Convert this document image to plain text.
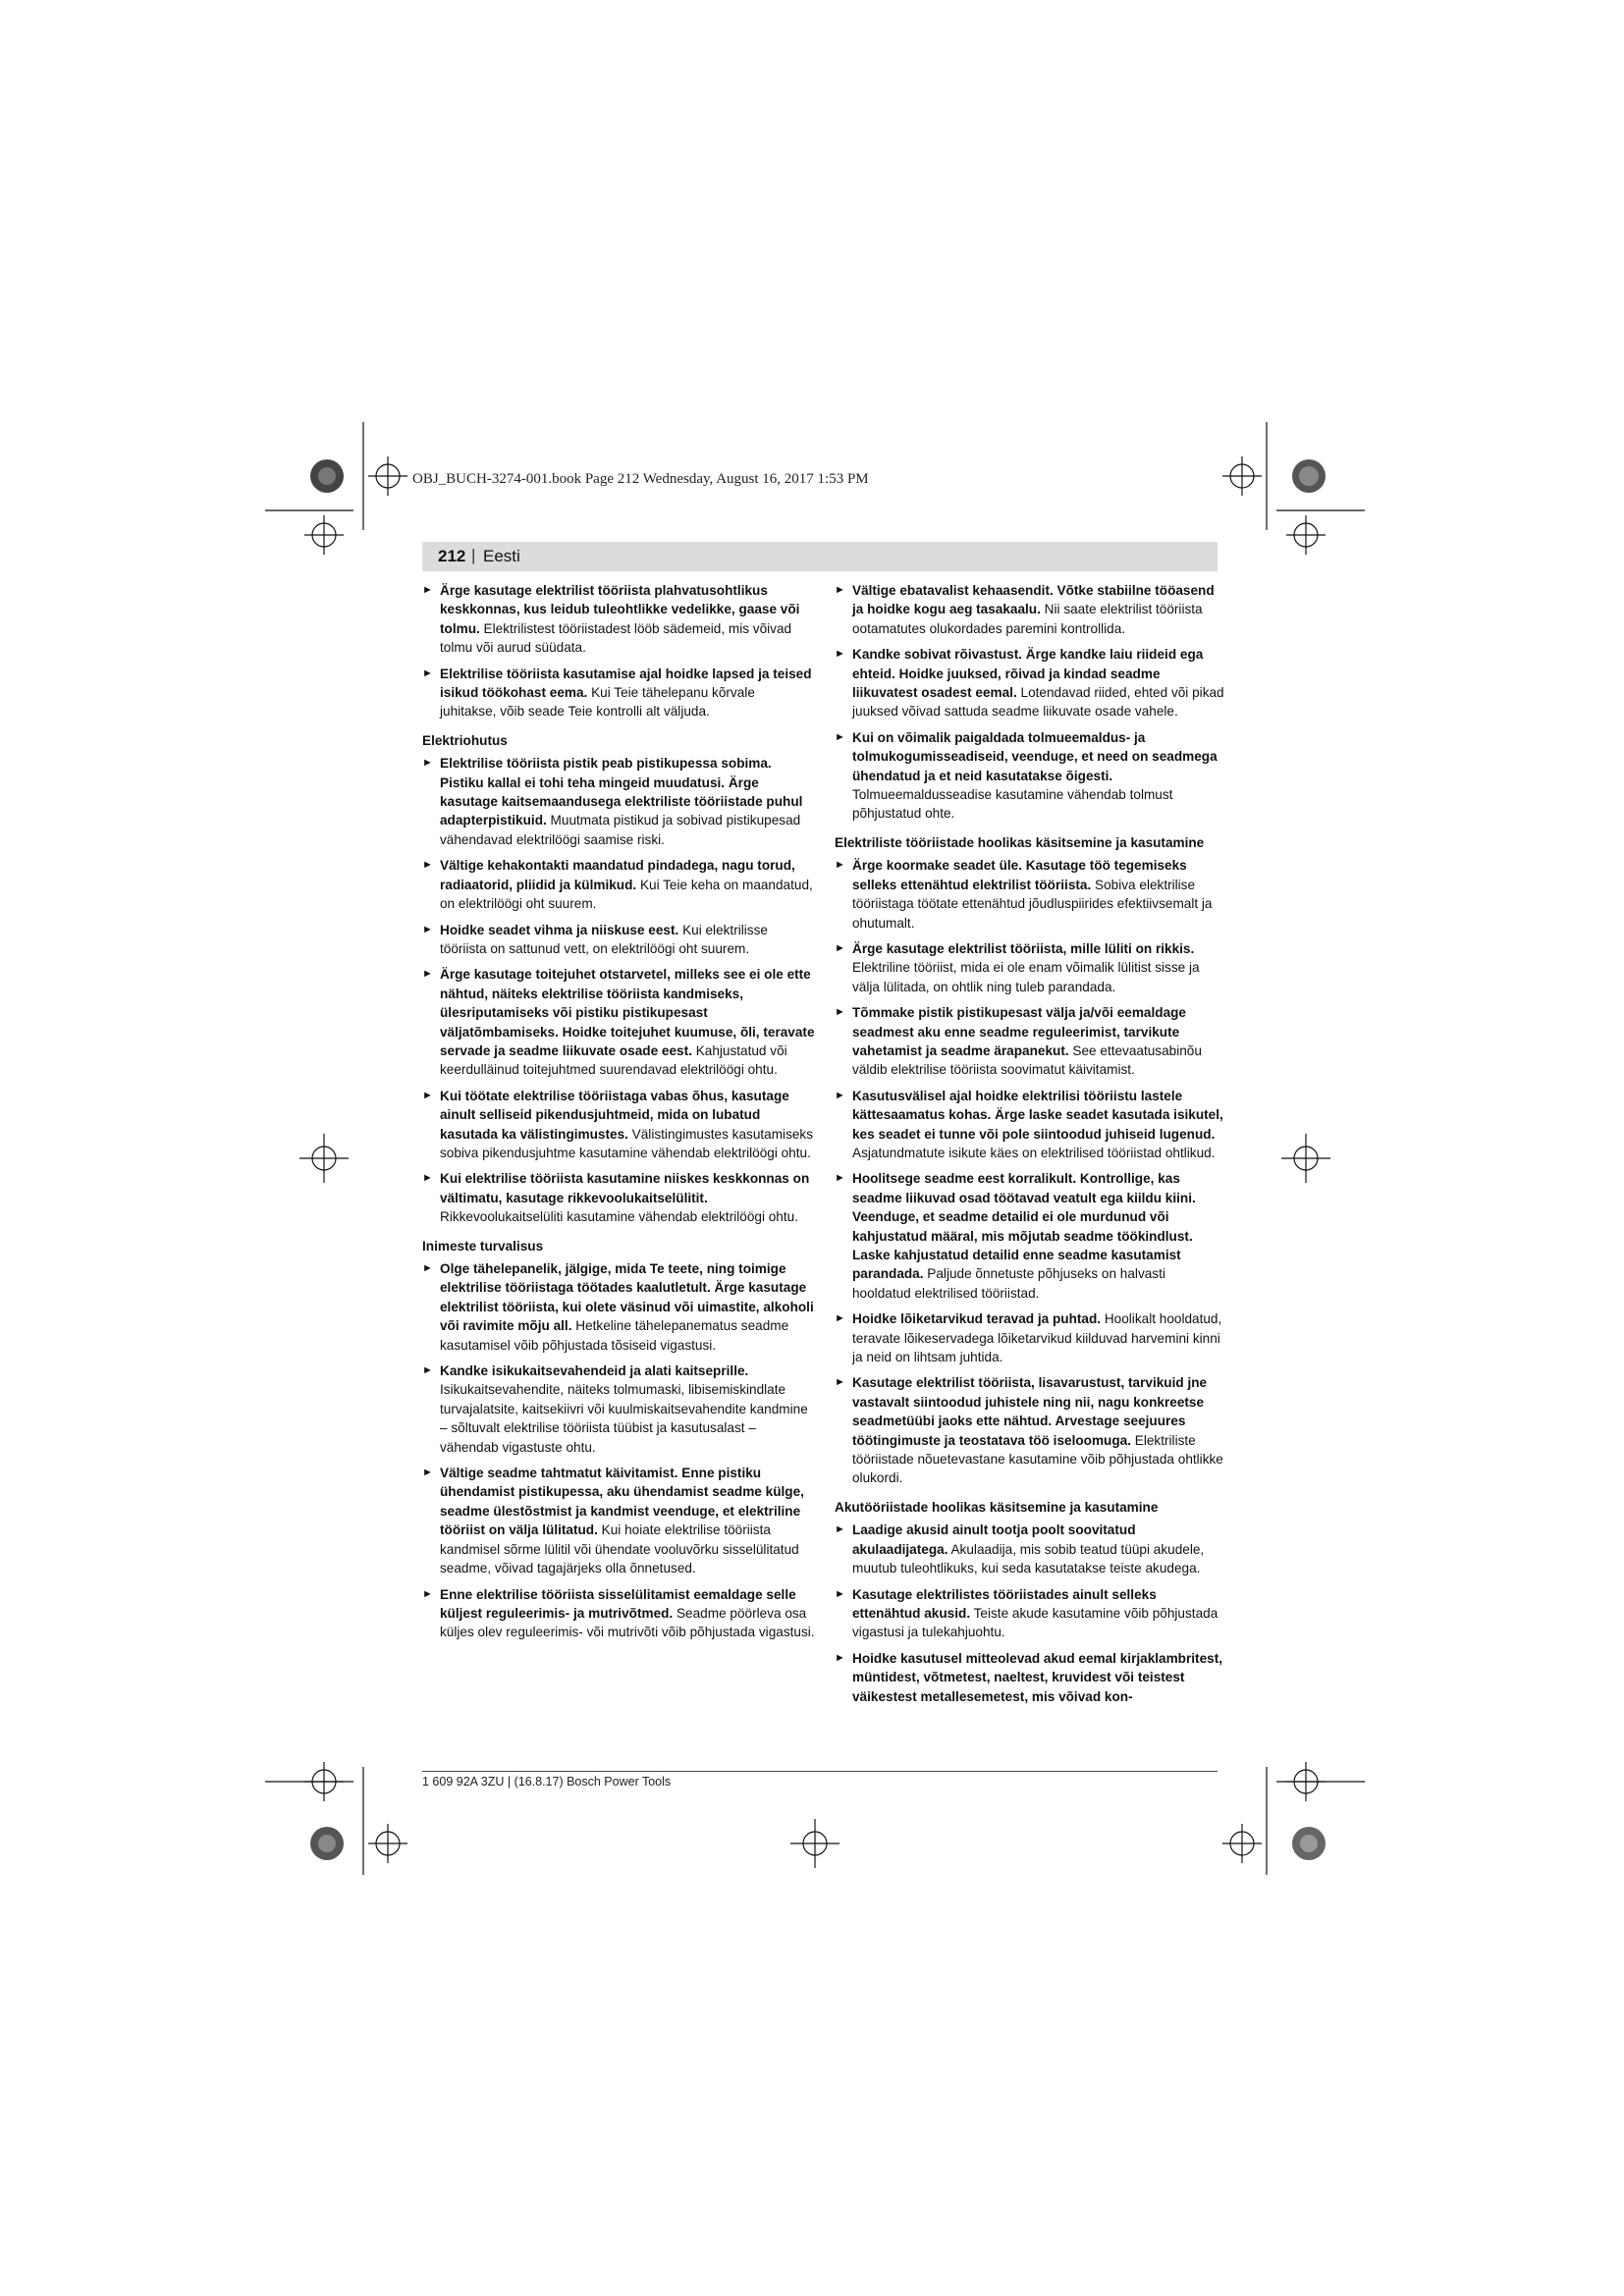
OBJ_BUCH-3274-001.book Page 212 Wednesday, August 16, 2017 1:53 PM
212 | Eesti
► Ärge kasutage elektrilist tööriista plahvatusohtlikus keskkonnas, kus leidub tuleohtlikke vedelikke, gaase või tolmu. Elektrilistest tööriistadest lööb sädemeid, mis võivad tolmu või aurud süüdata.
► Elektrilise tööriista kasutamise ajal hoidke lapsed ja teised isikud töökohast eema. Kui Teie tähelepanu kõrvale juhitakse, võib seade Teie kontrolli alt väljuda.
Elektriohutus
► Elektrilise tööriista pistik peab pistikupessa sobima. Pistiku kallal ei tohi teha mingeid muudatusi. Ärge kasutage kaitsemaandusega elektriliste tööriistade puhul adapterpistikuid. Muutmata pistikud ja sobivad pistikupesad vähendavad elektrilöögi saamise riski.
► Vältige kehakontakti maandatud pindadega, nagu torud, radiaatorid, pliidid ja külmikud. Kui Teie keha on maandatud, on elektrilöögi oht suurem.
► Hoidke seadet vihma ja niiskuse eest. Kui elektrilisse tööriista on sattunud vett, on elektrilöögi oht suurem.
► Ärge kasutage toitejuhet otstarvetel, milleks see ei ole ette nähtud, näiteks elektrilise tööriista kandmiseks, ülesriputamiseks või pistiku pistikupesast väljatõmbamiseks. Hoidke toitejuhet kuumuse, õli, teravate servade ja seadme liikuvate osade eest. Kahjustatud või keerdulläinud toitejuhtmed suurendavad elektrilöögi ohtu.
► Kui töötate elektrilise tööriistaga vabas õhus, kasutage ainult selliseid pikendusjuhtmeid, mida on lubatud kasutada ka välistingimustes. Välistingimustes kasutamiseks sobiva pikendusjuhtme kasutamine vähendab elektrilöögi ohtu.
► Kui elektrilise tööriista kasutamine niiskes keskkonnas on vältimatu, kasutage rikkevoolukaitselülitit. Rikkevoolukaitselüliti kasutamine vähendab elektrilöögi ohtu.
Inimeste turvalisus
► Olge tähelepanelik, jälgige, mida Te teete, ning toimige elektrilise tööriistaga töötades kaalutletult. Ärge kasutage elektrilist tööriista, kui olete väsinud või uimastite, alkoholi või ravimite mõju all. Hetkeline tähelepanematus seadme kasutamisel võib põhjustada tõsiseid vigastusi.
► Kandke isikukaitsevahendeid ja alati kaitseprille. Isikukaitsevahendite, näiteks tolmumaski, libisemiskindlate turvajalatsite, kaitsekiivri või kuulmiskaitsevahendite kandmine – sõltuvalt elektrilise tööriista tüübist ja kasutusalast – vähendab vigastuste ohtu.
► Vältige seadme tahtmatut käivitamist. Enne pistiku ühendamist pistikupessa, aku ühendamist seadme külge, seadme ülestõstmist ja kandmist veenduge, et elektriline tööriist on välja lülitatud. Kui hoiate elektrilise tööriista kandmisel sõrme lülitil või ühendate vooluvõrku sisselülitatud seadme, võivad tagajärjeks olla õnnetused.
► Enne elektrilise tööriista sisselülitamist eemaldage selle küljest reguleerimis- ja mutrivõtmed. Seadme pöörleva osa küljes olev reguleerimis- või mutrivõti võib põhjustada vigastusi.
► Vältige ebatavalist kehaasendit. Võtke stabiilne tööasend ja hoidke kogu aeg tasakaalu. Nii saate elektrilist tööriista ootamatutes olukordades paremini kontrollida.
► Kandke sobivat rõivastust. Ärge kandke laiu riideid ega ehteid. Hoidke juuksed, rõivad ja kindad seadme liikuvatest osadest eemal. Lotendavad riided, ehted või pikad juuksed võivad sattuda seadme liikuvate osade vahele.
► Kui on võimalik paigaldada tolmueemaldus- ja tolmukogumisseadiseid, veenduge, et need on seadmega ühendatud ja et neid kasutatakse õigesti. Tolmueemaldusseadise kasutamine vähendab tolmust põhjustatud ohte.
Elektriliste tööriistade hoolikas käsitsemine ja kasutamine
► Ärge koormake seadet üle. Kasutage töö tegemiseks selleks ettenähtud elektrilist tööriista. Sobiva elektrilise tööriistaga töötate ettenähtud jõudluspiirides efektiivsemalt ja ohutumalt.
► Ärge kasutage elektrilist tööriista, mille lüliti on rikkis. Elektriline tööriist, mida ei ole enam võimalik lülitist sisse ja välja lülitada, on ohtlik ning tuleb parandada.
► Tõmmake pistik pistikupesast välja ja/või eemaldage seadmest aku enne seadme reguleerimist, tarvikute vahetamist ja seadme ärapanekut. See ettevaatusabinõu väldib elektrilise tööriista soovimatut käivitamist.
► Kasutusvälisel ajal hoidke elektrilisi tööriistu lastele kättesaamatus kohas. Ärge laske seadet kasutada isikutel, kes seadet ei tunne või pole siintoodud juhiseid lugenud. Asjatundmatute isikute käes on elektrilised tööriistad ohtlikud.
► Hoolitsege seadme eest korralikult. Kontrollige, kas seadme liikuvad osad töötavad veatult ega kiildu kiini. Veenduge, et seadme detailid ei ole murdunud või kahjustatud määral, mis mõjutab seadme töökindlust. Laske kahjustatud detailid enne seadme kasutamist parandada. Paljude õnnetuste põhjuseks on halvasti hooldatud elektrilised tööriistad.
► Hoidke lõiketarvikud teravad ja puhtad. Hoolikalt hooldatud, teravate lõikeservadega lõiketarvikud kiilduvad harvemini kinni ja neid on lihtsam juhtida.
► Kasutage elektrilist tööriista, lisavarustust, tarvikuid jne vastavalt siintoodud juhistele ning nii, nagu konkreetse seadmetüübi jaoks ette nähtud. Arvestage seejuures töötingimuste ja teostatava töö iseloomuga. Elektriliste tööriistade nõuetevastane kasutamine võib põhjustada ohtlikke olukordi.
Akutööriistade hoolikas käsitsemine ja kasutamine
► Laadige akusid ainult tootja poolt soovitatud akulaadijatega. Akulaadija, mis sobib teatud tüüpi akudele, muutub tuleohtlikuks, kui seda kasutatakse teiste akudega.
► Kasutage elektrilistes tööriistades ainult selleks ettenähtud akusid. Teiste akude kasutamine võib põhjustada vigastusi ja tulekahjuohtu.
► Hoidke kasutusel mitteolevad akud eemal kirjaklambritest, müntidest, võtmetest, naeltest, kruvidest või teistest väikestest metallesemetest, mis võivad kon-
1 609 92A 3ZU | (16.8.17) Bosch Power Tools
